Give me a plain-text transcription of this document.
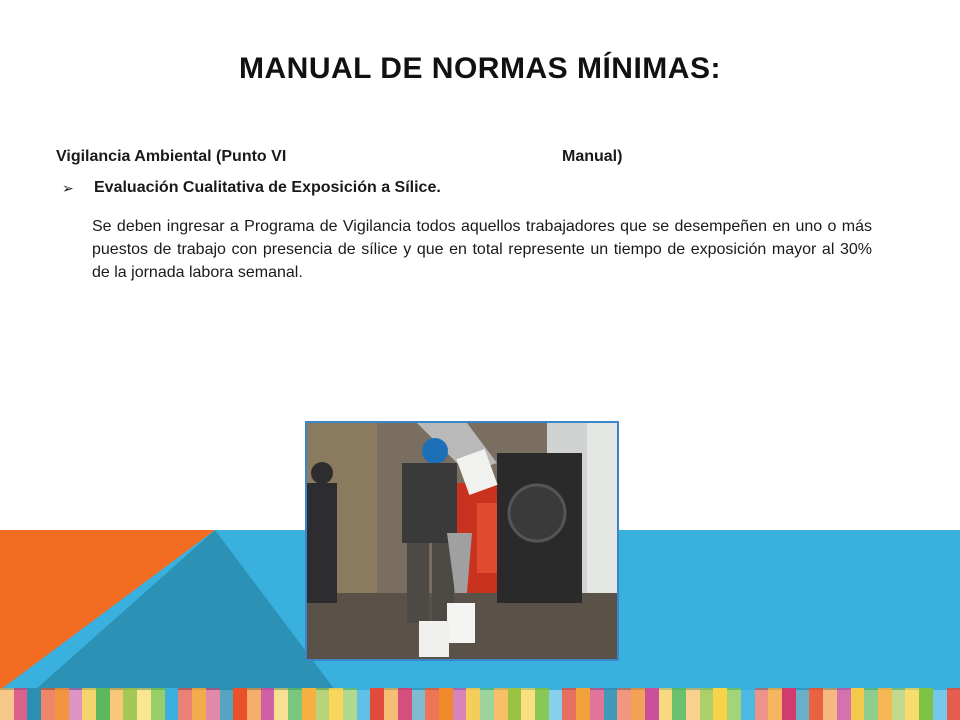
MANUAL DE NORMAS MÍNIMAS:
Vigilancia Ambiental (Punto VI	Manual)
➢	Evaluación Cualitativa de Exposición a Sílice.
Se deben ingresar a Programa de Vigilancia todos aquellos trabajadores que se desempeñen en uno o más puestos de trabajo con presencia de sílice y que en total represente un tiempo de exposición mayor al 30% de la jornada labora semanal.
